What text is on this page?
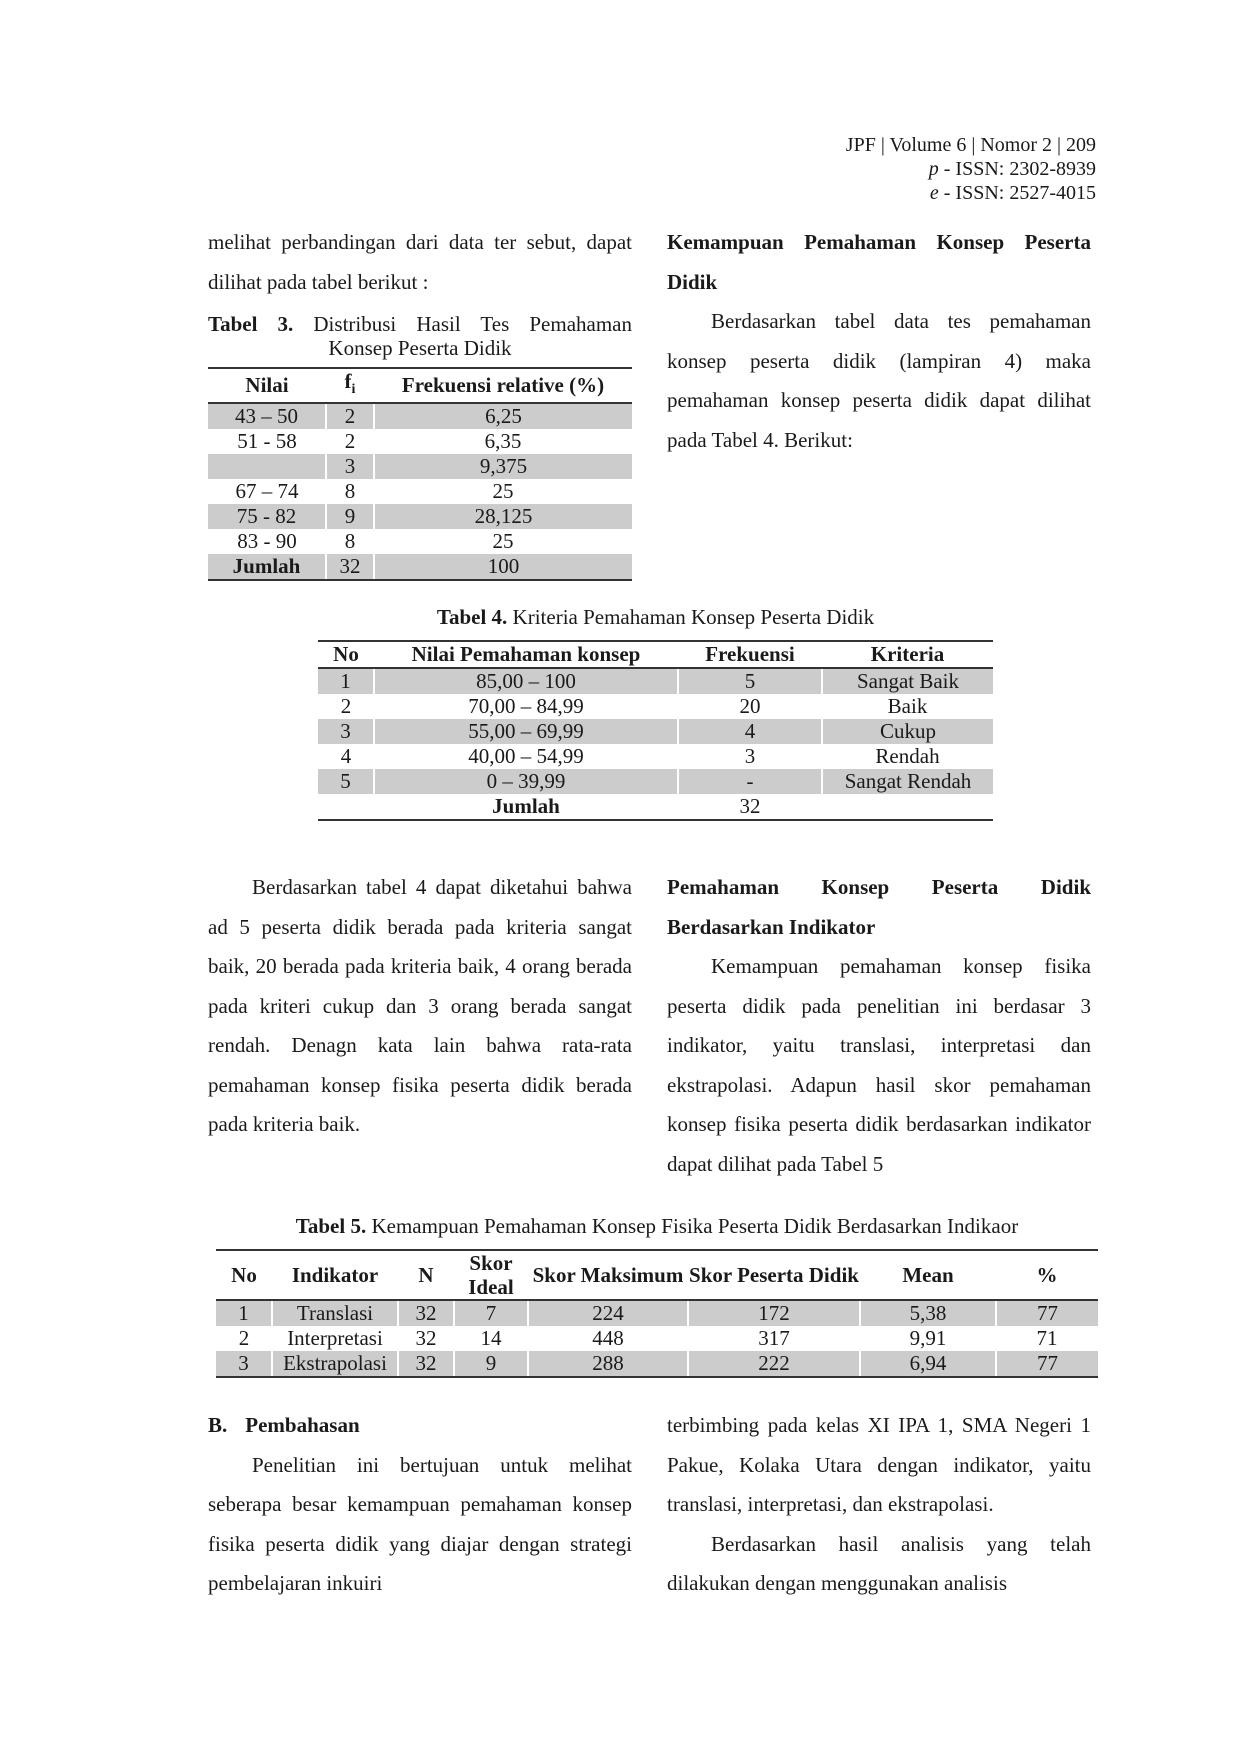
JPF | Volume 6 | Nomor 2 | 209
p - ISSN: 2302-8939
e - ISSN: 2527-4015

melihat perbandingan dari data ter sebut, dapat dilihat pada tabel berikut :

Tabel 3. Distribusi Hasil Tes Pemahaman
Konsep Peserta Didik
Nilai	$f_i$	Frekuensi relative (%)
43 – 50	2	6,25
51 - 58	2	6,35
	3	9,375
67 – 74	8	25
75 - 82	9	28,125
83 - 90	8	25
Jumlah	32	100

Kemampuan Pemahaman Konsep Peserta Didik

Berdasarkan tabel data tes pemahaman konsep peserta didik (lampiran 4) maka pemahaman konsep peserta didik dapat dilihat pada Tabel 4. Berikut:

Tabel 4. Kriteria Pemahaman Konsep Peserta Didik
No	Nilai Pemahaman konsep	Frekuensi	Kriteria
1	85,00 – 100	5	Sangat Baik
2	70,00 – 84,99	20	Baik
3	55,00 – 69,99	4	Cukup
4	40,00 – 54,99	3	Rendah
5	0 – 39,99	-	Sangat Rendah
	Jumlah	32	

Berdasarkan tabel 4 dapat diketahui bahwa ad 5 peserta didik berada pada kriteria sangat baik, 20 berada pada kriteria baik, 4 orang berada pada kriteri cukup dan 3 orang berada sangat rendah. Denagn kata lain bahwa rata-rata pemahaman konsep fisika peserta didik berada pada kriteria baik.

Pemahaman Konsep Peserta Didik Berdasarkan Indikator

Kemampuan pemahaman konsep fisika peserta didik pada penelitian ini berdasar 3 indikator, yaitu translasi, interpretasi dan ekstrapolasi. Adapun hasil skor pemahaman konsep fisika peserta didik berdasarkan indikator dapat dilihat pada Tabel 5

Tabel 5. Kemampuan Pemahaman Konsep Fisika Peserta Didik Berdasarkan Indikaor
No	Indikator	N	Skor Ideal	Skor Maksimum	Skor Peserta Didik	Mean	%
1	Translasi	32	7	224	172	5,38	77
2	Interpretasi	32	14	448	317	9,91	71
3	Ekstrapolasi	32	9	288	222	6,94	77

B. Pembahasan

Penelitian ini bertujuan untuk melihat seberapa besar kemampuan pemahaman konsep fisika peserta didik yang diajar dengan strategi pembelajaran inkuiri

terbimbing pada kelas XI IPA 1, SMA Negeri 1 Pakue, Kolaka Utara dengan indikator, yaitu translasi, interpretasi, dan ekstrapolasi.

Berdasarkan hasil analisis yang telah dilakukan dengan menggunakan analisis
